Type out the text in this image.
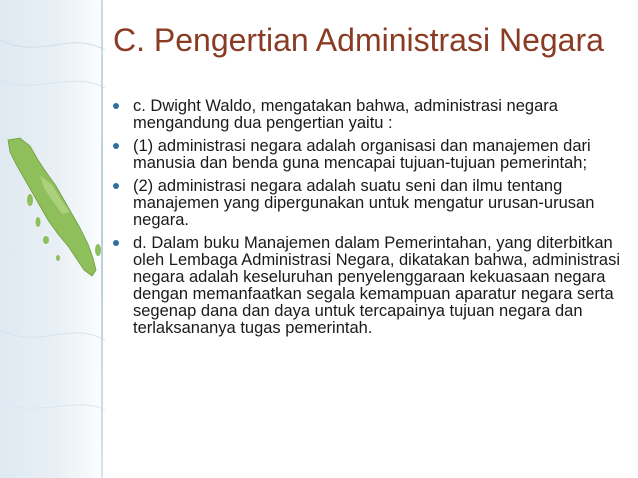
C. Pengertian Administrasi Negara
c. Dwight Waldo, mengatakan bahwa, administrasi negara mengandung dua pengertian yaitu :
(1) administrasi negara adalah organisasi dan manajemen dari manusia dan benda guna mencapai tujuan-tujuan pemerintah;
(2) administrasi negara adalah suatu seni dan ilmu tentang manajemen yang dipergunakan untuk mengatur urusan-urusan negara.
d. Dalam buku Manajemen dalam Pemerintahan, yang diterbitkan oleh Lembaga Administrasi Negara, dikatakan bahwa, administrasi negara adalah keseluruhan penyelenggaraan kekuasaan negara dengan memanfaatkan segala kemampuan aparatur negara serta segenap dana dan daya untuk tercapainya tujuan negara dan terlaksananya tugas pemerintah.
